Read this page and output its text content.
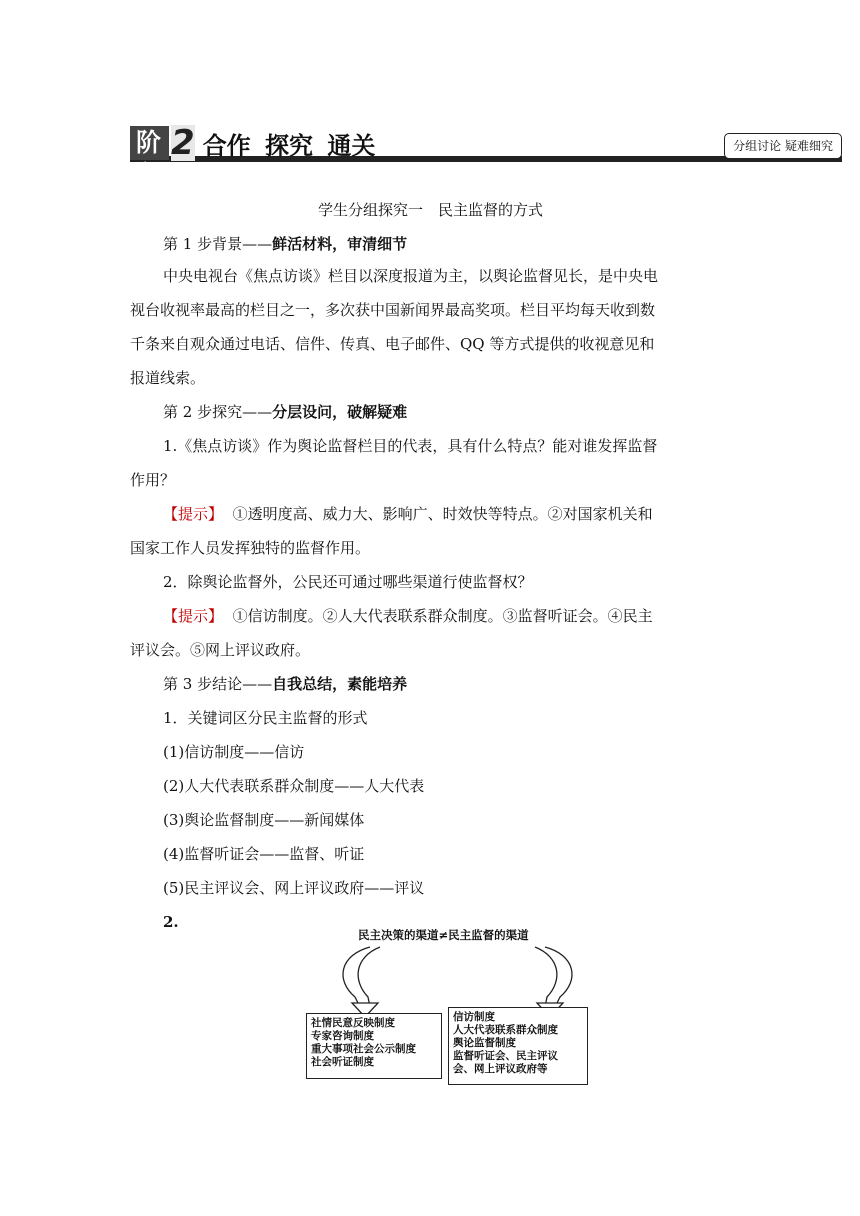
阶段
2 合作 探究 通关	分组讨论 疑难细究
学生分组探究一　民主监督的方式
第 1 步背景——鲜活材料，审清细节
中央电视台《焦点访谈》栏目以深度报道为主，以舆论监督见长，是中央电
视台收视率最高的栏目之一，多次获中国新闻界最高奖项。栏目平均每天收到数
千条来自观众通过电话、信件、传真、电子邮件、QQ 等方式提供的收视意见和
报道线索。
第 2 步探究——分层设问，破解疑难
1.《焦点访谈》作为舆论监督栏目的代表，具有什么特点？能对谁发挥监督
作用？
【提示】 ①透明度高、威力大、影响广、时效快等特点。②对国家机关和
国家工作人员发挥独特的监督作用。
2．除舆论监督外，公民还可通过哪些渠道行使监督权？
【提示】 ①信访制度。②人大代表联系群众制度。③监督听证会。④民主
评议会。⑤网上评议政府。
第 3 步结论——自我总结，素能培养
1．关键词区分民主监督的形式
(1)信访制度——信访
(2)人大代表联系群众制度——人大代表
(3)舆论监督制度——新闻媒体
(4)监督听证会——监督、听证
(5)民主评议会、网上评议政府——评议
2.
民主决策的渠道≠民主监督的渠道
社情民意反映制度
专家咨询制度
重大事项社会公示制度
社会听证制度
信访制度
人大代表联系群众制度
舆论监督制度
监督听证会、民主评议
会、网上评议政府等
